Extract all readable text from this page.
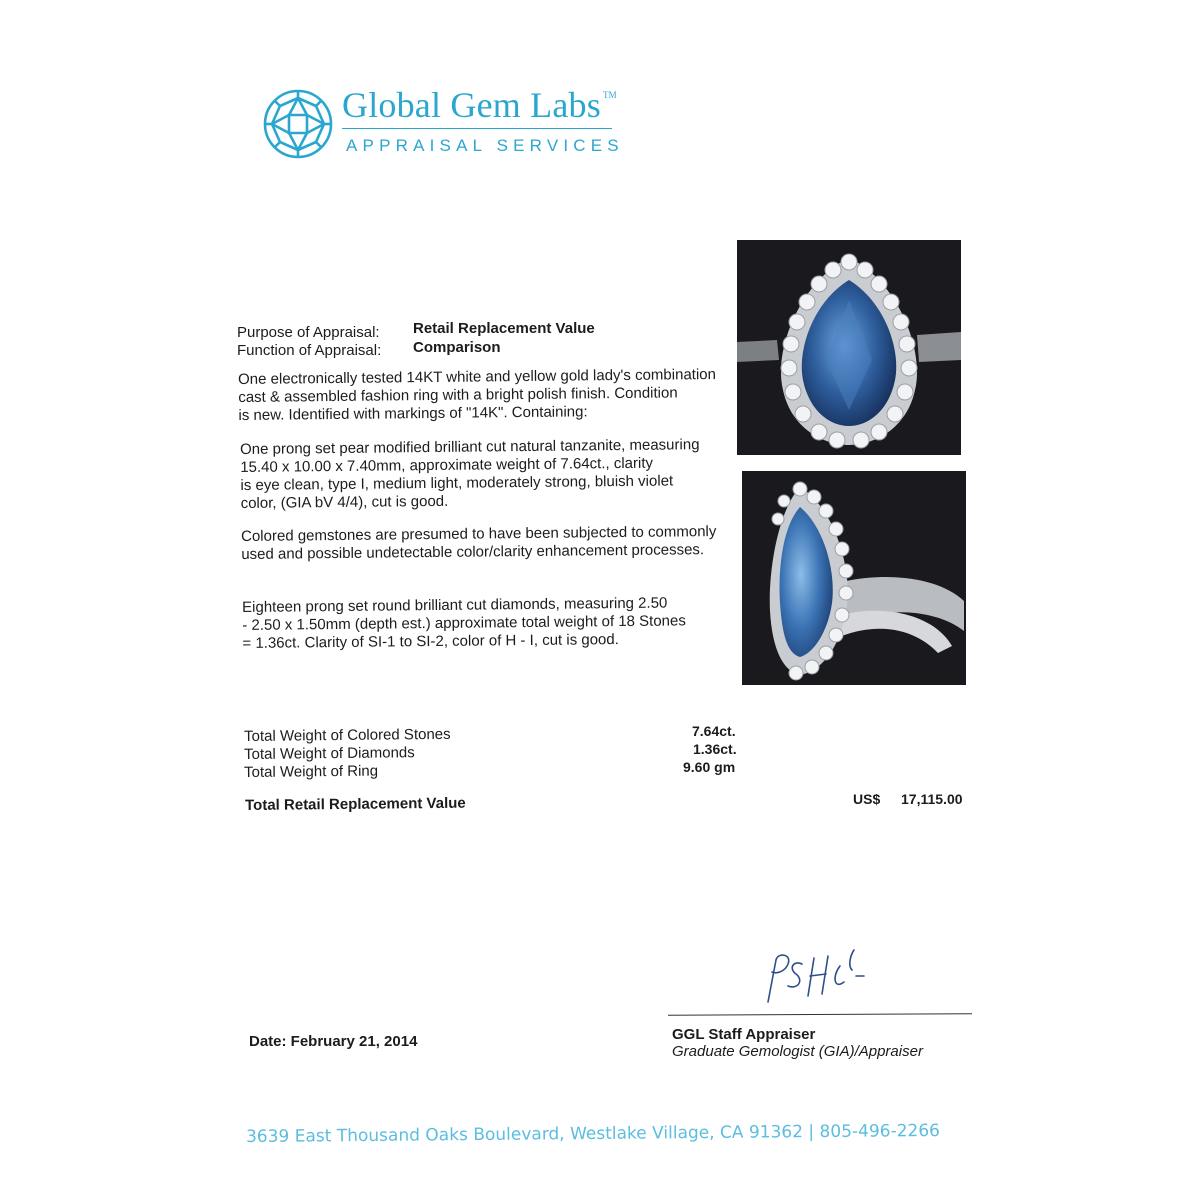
Global Gem Labs ™
APPRAISAL SERVICES
Purpose of Appraisal:
Function of Appraisal:
Retail Replacement Value
Comparison
One electronically tested 14KT white and yellow gold lady's combination
cast & assembled fashion ring with a bright polish finish. Condition
is new. Identified with markings of "14K". Containing:
One prong set pear modified brilliant cut natural tanzanite, measuring
15.40 x 10.00 x 7.40mm, approximate weight of 7.64ct., clarity
is eye clean, type I, medium light, moderately strong, bluish violet
color, (GIA bV 4/4), cut is good.
Colored gemstones are presumed to have been subjected to commonly
used and possible undetectable color/clarity enhancement processes.
Eighteen prong set round brilliant cut diamonds, measuring 2.50
- 2.50 x 1.50mm (depth est.) approximate total weight of 18 Stones
= 1.36ct. Clarity of SI-1 to SI-2, color of H - I, cut is good.
Total Weight of Colored Stones
Total Weight of Diamonds
Total Weight of Ring
7.64ct.
1.36ct.
9.60 gm
Total Retail Replacement Value	US$ 17,115.00
GGL Staff Appraiser
Graduate Gemologist (GIA)/Appraiser
Date: February 21, 2014
3639 East Thousand Oaks Boulevard, Westlake Village, CA 91362 | 805-496-2266
